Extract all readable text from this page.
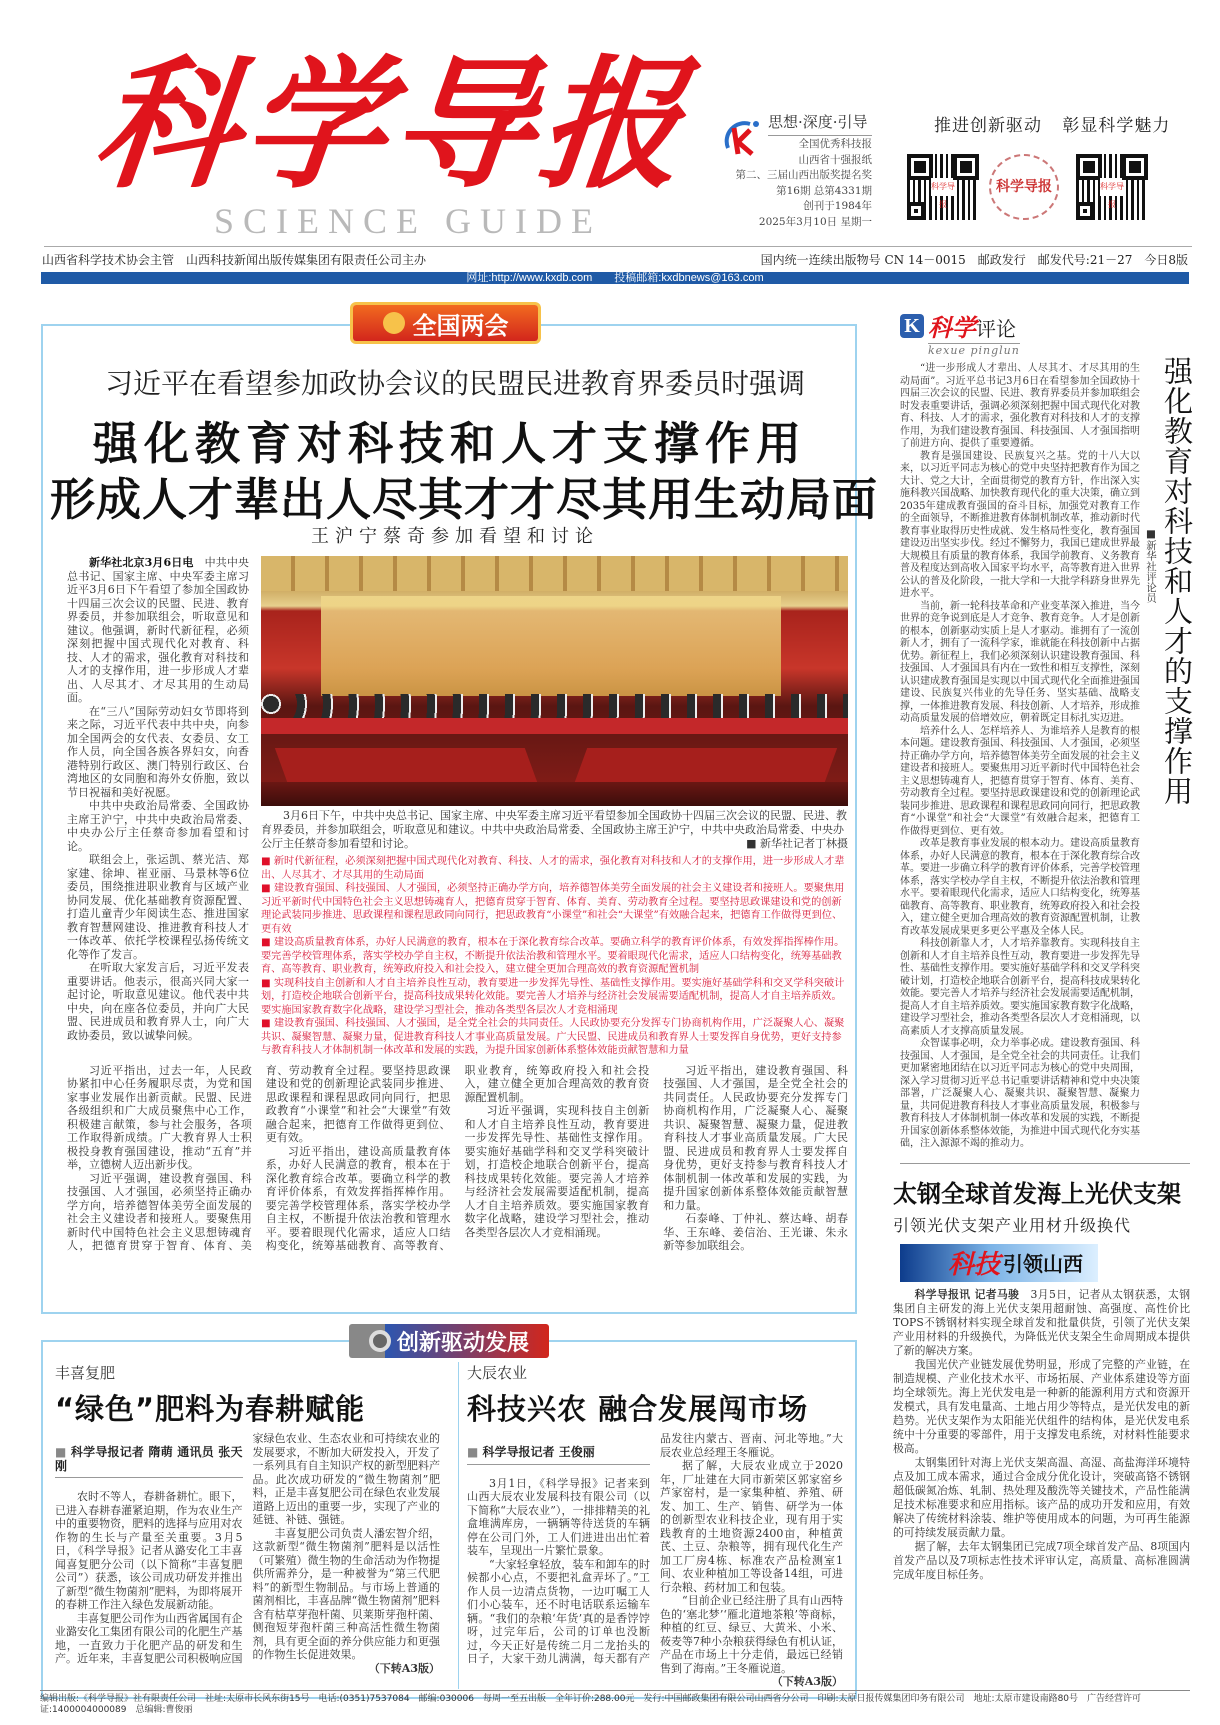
科学导报
SCIENCE GUIDE
思想·深度·引导
全国优秀科技报
山西省十强报纸
第二、三届山西出版奖提名奖
第16期 总第4331期
创刊于1984年
2025年3月10日 星期一
推进创新驱动 彰显科学魅力
科学导报
科学导报	科学导报
山西省科学技术协会主管　山西科技新闻出版传媒集团有限责任公司主办	国内统一连续出版物号 CN 14－0015　邮政发行　邮发代号:21－27　今日8版
网址:http://www.kxdb.com　　投稿邮箱:kxdbnews@163.com
全国两会
习近平在看望参加政协会议的民盟民进教育界委员时强调
强化教育对科技和人才支撑作用
形成人才辈出人尽其才才尽其用生动局面
王沪宁蔡奇参加看望和讨论

新华社北京3月6日电　 中共中央总书记、国家主席、中央军委主席习近平3月6日下午看望了参加全国政协十四届三次会议的民盟、民进、教育界委员，并参加联组会，听取意见和建议。他强调，新时代新征程，必须深刻把握中国式现代化对教育、科技、人才的需求，强化教育对科技和人才的支撑作用，进一步形成人才辈出、人尽其才、才尽其用的生动局面。

在“三八”国际劳动妇女节即将到来之际，习近平代表中共中央，向参加全国两会的女代表、女委员、女工作人员，向全国各族各界妇女，向香港特别行政区、澳门特别行政区、台湾地区的女同胞和海外女侨胞，致以节日祝福和美好祝愿。

中共中央政治局常委、全国政协主席王沪宁，中共中央政治局常委、中央办公厅主任蔡奇参加看望和讨论。

联组会上，张运凯、蔡光洁、郑家建、徐坤、崔亚丽、马景林等6位委员，围绕推进职业教育与区域产业协同发展、优化基础教育资源配置、打造儿童青少年阅读生态、推进国家教育智慧网建设、推进教育科技人才一体改革、依托学校课程弘扬传统文化等作了发言。

在听取大家发言后，习近平发表重要讲话。他表示，很高兴同大家一起讨论，听取意见建议。他代表中共中央，向在座各位委员，并向广大民盟、民进成员和教育界人士，向广大政协委员，致以诚挚问候。

3月6日下午，中共中央总书记、国家主席、中央军委主席习近平看望参加全国政协十四届三次会议的民盟、民进、教育界委员，并参加联组会，听取意见和建议。中共中央政治局常委、全国政协主席王沪宁，中共中央政治局常委、中央办公厅主任蔡奇参加看望和讨论。	■ 新华社记者丁林摄

■ 新时代新征程，必须深刻把握中国式现代化对教育、科技、人才的需求，强化教育对科技和人才的支撑作用，进一步形成人才辈出、人尽其才、才尽其用的生动局面

■ 建设教育强国、科技强国、人才强国，必须坚持正确办学方向，培养德智体美劳全面发展的社会主义建设者和接班人。要聚焦用习近平新时代中国特色社会主义思想铸魂育人，把德育贯穿于智育、体育、美育、劳动教育全过程。要坚持思政课建设和党的创新理论武装同步推进、思政课程和课程思政同向同行，把思政教育“小课堂”和社会“大课堂”有效融合起来，把德育工作做得更到位、更有效

■ 建设高质量教育体系，办好人民满意的教育，根本在于深化教育综合改革。要确立科学的教育评价体系，有效发挥指挥棒作用。要完善学校管理体系，落实学校办学自主权，不断提升依法治教和管理水平。要着眼现代化需求，适应人口结构变化，统筹基础教育、高等教育、职业教育，统筹政府投入和社会投入，建立健全更加合理高效的教育资源配置机制

■ 实现科技自主创新和人才自主培养良性互动，教育要进一步发挥先导性、基础性支撑作用。要实施好基础学科和交叉学科突破计划，打造校企地联合创新平台，提高科技成果转化效能。要完善人才培养与经济社会发展需要适配机制，提高人才自主培养质效。要实施国家教育数字化战略，建设学习型社会，推动各类型各层次人才竞相涌现

■ 建设教育强国、科技强国、人才强国，是全党全社会的共同责任。人民政协要充分发挥专门协商机构作用，广泛凝聚人心、凝聚共识、凝聚智慧、凝聚力量，促进教育科技人才事业高质量发展。广大民盟、民进成员和教育界人士要发挥自身优势，更好支持参与教育科技人才体制机制一体改革和发展的实践，为提升国家创新体系整体效能贡献智慧和力量

习近平指出，过去一年，人民政协紧扣中心任务履职尽责，为党和国家事业发展作出新贡献。民盟、民进各级组织和广大成员聚焦中心工作，积极建言献策，参与社会服务，各项工作取得新成绩。广大教育界人士积极投身教育强国建设，推动“五育”并举，立德树人迈出新步伐。

习近平强调，建设教育强国、科技强国、人才强国，必须坚持正确办学方向，培养德智体美劳全面发展的社会主义建设者和接班人。要聚焦用新时代中国特色社会主义思想铸魂育人，把德育贯穿于智育、体育、美育、劳动教育全过程。要坚持思政课建设和党的创新理论武装同步推进、思政课程和课程思政同向同行，把思政教育“小课堂”和社会“大课堂”有效融合起来，把德育工作做得更到位、更有效。

习近平指出，建设高质量教育体系，办好人民满意的教育，根本在于深化教育综合改革。要确立科学的教育评价体系，有效发挥指挥棒作用。要完善学校管理体系，落实学校办学自主权，不断提升依法治教和管理水平。要着眼现代化需求，适应人口结构变化，统筹基础教育、高等教育、职业教育，统筹政府投入和社会投入，建立健全更加合理高效的教育资源配置机制。

习近平强调，实现科技自主创新和人才自主培养良性互动，教育要进一步发挥先导性、基础性支撑作用。要实施好基础学科和交叉学科突破计划，打造校企地联合创新平台，提高科技成果转化效能。要完善人才培养与经济社会发展需要适配机制，提高人才自主培养质效。要实施国家教育数字化战略，建设学习型社会，推动各类型各层次人才竞相涌现。

习近平指出，建设教育强国、科技强国、人才强国，是全党全社会的共同责任。人民政协要充分发挥专门协商机构作用，广泛凝聚人心、凝聚共识、凝聚智慧、凝聚力量，促进教育科技人才事业高质量发展。广大民盟、民进成员和教育界人士要发挥自身优势，更好支持参与教育科技人才体制机制一体改革和发展的实践，为提升国家创新体系整体效能贡献智慧和力量。

石泰峰、丁仲礼、蔡达峰、胡春华、王东峰、姜信治、王光谦、朱永新等参加联组会。

K 科学评论
kexue pinglun

“进一步形成人才辈出、人尽其才、才尽其用的生动局面”。习近平总书记3月6日在看望参加全国政协十四届三次会议的民盟、民进、教育界委员并参加联组会时发表重要讲话，强调必须深刻把握中国式现代化对教育、科技、人才的需求，强化教育对科技和人才的支撑作用，为我们建设教育强国、科技强国、人才强国指明了前进方向、提供了重要遵循。

教育是强国建设、民族复兴之基。党的十八大以来，以习近平同志为核心的党中央坚持把教育作为国之大计、党之大计，全面贯彻党的教育方针，作出深入实施科教兴国战略、加快教育现代化的重大决策，确立到2035年建成教育强国的奋斗目标，加强党对教育工作的全面领导，不断推进教育体制机制改革，推动新时代教育事业取得历史性成就、发生格局性变化，教育强国建设迈出坚实步伐。经过不懈努力，我国已建成世界最大规模且有质量的教育体系，我国学前教育、义务教育普及程度达到高收入国家平均水平，高等教育进入世界公认的普及化阶段，一批大学和一大批学科跻身世界先进水平。

当前，新一轮科技革命和产业变革深入推进，当今世界的竞争说到底是人才竞争、教育竞争。人才是创新的根本，创新驱动实质上是人才驱动。谁拥有了一流创新人才，拥有了一流科学家，谁就能在科技创新中占据优势。新征程上，我们必须深刻认识建设教育强国、科技强国、人才强国具有内在一致性和相互支撑性，深刻认识建成教育强国是实现以中国式现代化全面推进强国建设、民族复兴伟业的先导任务、坚实基础、战略支撑，一体推进教育发展、科技创新、人才培养，形成推动高质量发展的倍增效应，朝着既定目标扎实迈进。

培养什么人、怎样培养人、为谁培养人是教育的根本问题。建设教育强国、科技强国、人才强国，必须坚持正确办学方向，培养德智体美劳全面发展的社会主义建设者和接班人。要聚焦用习近平新时代中国特色社会主义思想铸魂育人，把德育贯穿于智育、体育、美育、劳动教育全过程。要坚持思政课建设和党的创新理论武装同步推进、思政课程和课程思政同向同行，把思政教育“小课堂”和社会“大课堂”有效融合起来，把德育工作做得更到位、更有效。

改革是教育事业发展的根本动力。建设高质量教育体系，办好人民满意的教育，根本在于深化教育综合改革。要进一步确立科学的教育评价体系，完善学校管理体系，落实学校办学自主权，不断提升依法治教和管理水平。要着眼现代化需求，适应人口结构变化，统筹基础教育、高等教育、职业教育，统筹政府投入和社会投入，建立健全更加合理高效的教育资源配置机制，让教育改革发展成果更多更公平惠及全体人民。

科技创新靠人才，人才培养靠教育。实现科技自主创新和人才自主培养良性互动，教育要进一步发挥先导性、基础性支撑作用。要实施好基础学科和交叉学科突破计划，打造校企地联合创新平台，提高科技成果转化效能。要完善人才培养与经济社会发展需要适配机制，提高人才自主培养质效。要实施国家教育数字化战略，建设学习型社会，推动各类型各层次人才竞相涌现，以高素质人才支撑高质量发展。

众智谋事必明，众力举事必成。建设教育强国、科技强国、人才强国，是全党全社会的共同责任。让我们更加紧密地团结在以习近平同志为核心的党中央周围，深入学习贯彻习近平总书记重要讲话精神和党中央决策部署，广泛凝聚人心、凝聚共识、凝聚智慧、凝聚力量，共同促进教育科技人才事业高质量发展，积极参与教育科技人才体制机制一体改革和发展的实践，不断提升国家创新体系整体效能，为推进中国式现代化夯实基础，注入源源不竭的推动力。

太钢全球首发海上光伏支架
引领光伏支架产业用材升级换代
科技 引领山西

科学导报讯 记者马骏　 3月5日，记者从太钢获悉，太钢集团自主研发的海上光伏支架用超耐蚀、高强度、高性价比TOPS不锈钢材料实现全球首发和批量供货，引领了光伏支架产业用材料的升级换代，为降低光伏支架全生命周期成本提供了新的解决方案。

我国光伏产业链发展优势明显，形成了完整的产业链，在制造规模、产业化技术水平、市场拓展、产业体系建设等方面均全球领先。海上光伏发电是一种新的能源利用方式和资源开发模式，具有发电量高、土地占用少等特点，是光伏发电的新趋势。光伏支架作为太阳能光伏组件的结构体，是光伏发电系统中十分重要的零部件，用于支撑发电系统，对材料性能要求极高。

太钢集团针对海上光伏支架高温、高湿、高盐海洋环境特点及加工成本需求，通过合金成分优化设计，突破高铬不锈钢超低碳氮冶炼、轧制、热处理及酸洗等关键技术，产品性能满足技术标准要求和应用指标。该产品的成功开发和应用，有效解决了传统材料涂装、维护等使用成本的问题，为可再生能源的可持续发展贡献力量。

据了解，去年太钢集团已完成7项全球首发产品、8项国内首发产品以及7项标志性技术评审认定，高质量、高标准圆满完成年度目标任务。

强化教育对科技和人才的支撑作用
■新华社评论员
丰喜复肥
“绿色”肥料为春耕赋能
■ 科学导报记者 隋萌 通讯员 张天刚

农时不等人，春耕备耕忙。眼下，已进入春耕春灌紧迫期，作为农业生产中的重要物资，肥料的选择与应用对农作物的生长与产量至关重要。3月5日，《科学导报》记者从潞安化工丰喜闻喜复肥分公司（以下简称“丰喜复肥公司”）获悉，该公司成功研发并推出了新型“微生物菌剂”肥料，为即将展开的春耕工作注入绿色发展新动能。

丰喜复肥公司作为山西省属国有企业潞安化工集团有限公司的化肥生产基地，一直致力于化肥产品的研发和生产。近年来，丰喜复肥公司积极响应国家绿色农业、生态农业和可持续农业的发展要求，不断加大研发投入，开发了一系列具有自主知识产权的新型肥料产品。此次成功研发的“微生物菌剂”肥料，正是丰喜复肥公司在绿色农业发展道路上迈出的重要一步，实现了产业的延链、补链、强链。

丰喜复肥公司负责人潘宏智介绍，这款新型“微生物菌剂”肥料是以活性（可繁殖）微生物的生命活动为作物提供所需养分，是一种被誉为“第三代肥料”的新型生物制品。与市场上普通的菌剂相比，丰喜品牌“微生物菌剂”肥料含有枯草芽孢杆菌、贝莱斯芽孢杆菌、侧孢短芽孢杆菌三种高活性微生物菌剂，具有更全面的养分供应能力和更强的作物生长促进效果。

（下转A3版）

大辰农业
科技兴农 融合发展闯市场
■ 科学导报记者 王俊丽

3月1日，《科学导报》记者来到山西大辰农业发展科技有限公司（以下简称“大辰农业”），一排排精美的礼盒堆满库房，一辆辆等待送货的车辆停在公司门外，工人们进进出出忙着装车，呈现出一片繁忙景象。

“大家轻拿轻放，装车和卸车的时候都小心点，不要把礼盒弄坏了。”工作人员一边清点货物，一边叮嘱工人们小心装车，还不时电话联系运输车辆。“我们的杂粮‘年货’真的是香饽饽呀，过完年后，公司的订单也没断过，今天正好是传统二月二龙抬头的日子，大家干劲儿满满，每天都有产品发往内蒙古、晋南、河北等地。”大辰农业总经理王冬雁说。

据了解，大辰农业成立于2020年，厂址建在大同市新荣区郭家窑乡芦家窑村，是一家集种植、养殖、研发、加工、生产、销售、研学为一体的创新型农业科技企业，现有用于实践教育的土地资源2400亩，种植黄芪、土豆、杂粮等，拥有现代化生产加工厂房4栋、标准农产品检测室1间、农业种植加工等设备14组，可进行杂粮、药材加工和包装。

“目前企业已经注册了具有山西特色的‘塞北梦’‘雁北道地茶粮’等商标，种植的红豆、绿豆、大黄米、小米、莜麦等7种小杂粮获得绿色有机认证，产品在市场上十分走俏，最远已经销售到了海南。”王冬雁说道。

（下转A3版）

创新驱动发展
编辑出版:《科学导报》社有限责任公司　社址:太原市长风东街15号　电话:(0351)7537084　邮编:030006　每周一至五出版　全年订价:288.00元　发行:中国邮政集团有限公司山西省分公司　印刷:太原日报传媒集团印务有限公司　地址:太原市建设南路80号　广告经营许可证:1400004000089　总编辑:曹俊丽
